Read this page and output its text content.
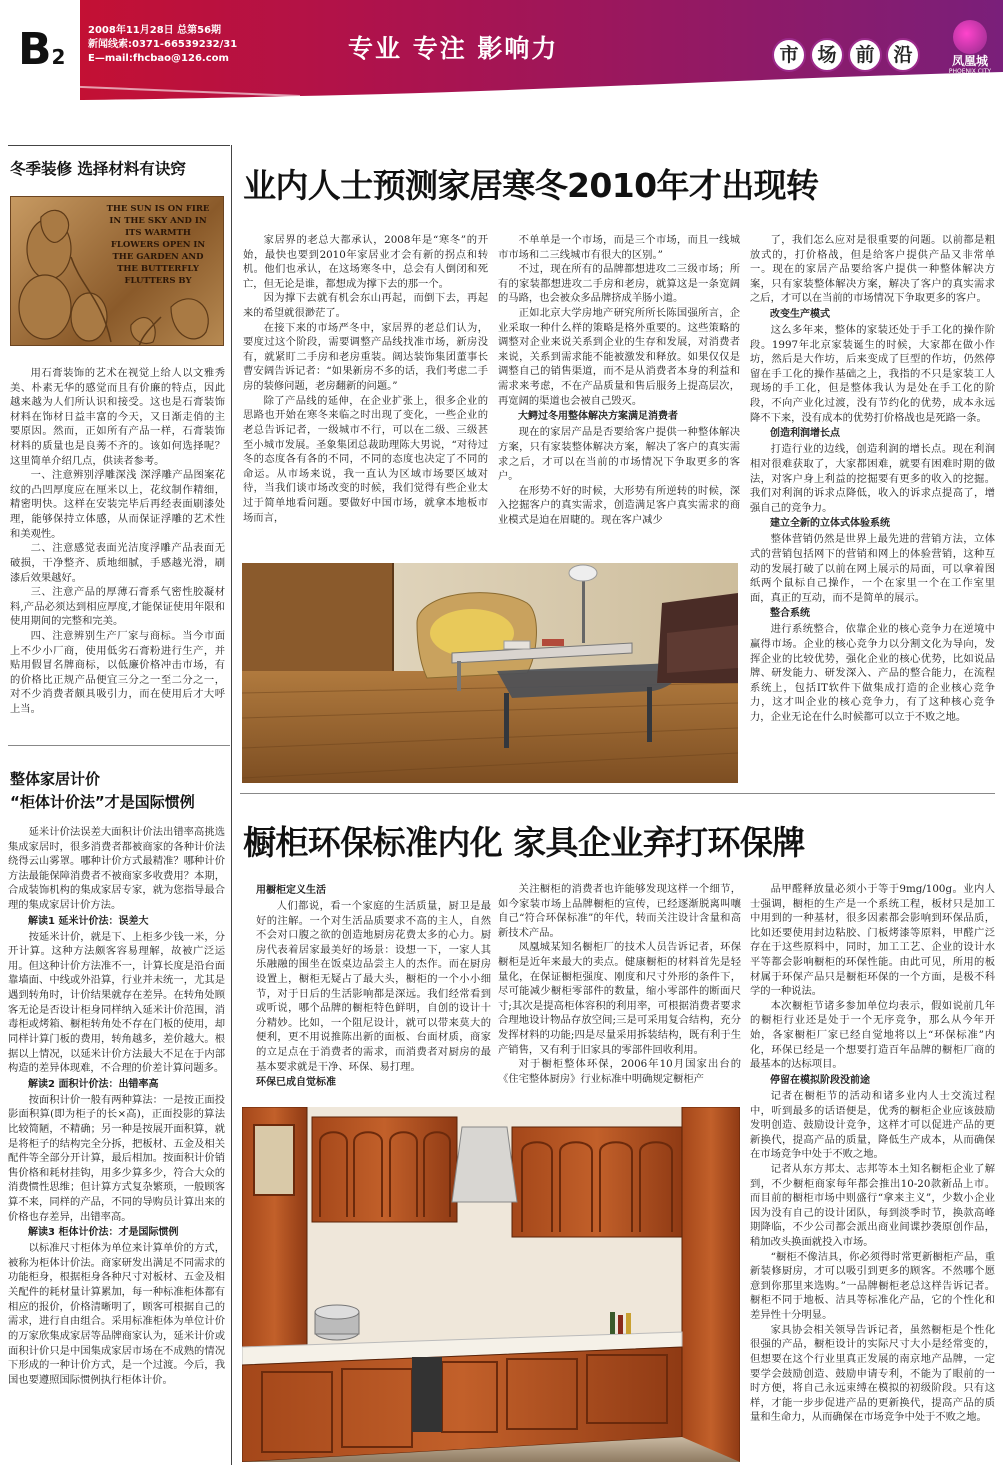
B2
2008年11月28日 总第56期
新闻线索:0371-66539232/31
E—mail:fhcbao@126.com	专业 专注 影响力	市 场 前 沿	凤凰城
PHOENIX CITY
冬季装修 选择材料有诀窍
THE SUN IS ON FIRE IN THE SKY AND IN ITS WARMTH FLOWERS OPEN IN THE GARDEN AND THE BUTTERFLY FLUTTERS BY

用石膏装饰的艺术在视觉上给人以文雅秀美、朴素无华的感觉而且有价廉的特点，因此越来越为人们所认识和接受。这也是石膏装饰材料在饰材日益丰富的今天，又日渐走俏的主要原因。然而，正如所有产品一样，石膏装饰材料的质量也是良莠不齐的。该如何选择呢？这里简单介绍几点，供读者参考。

一、注意辨别浮雕深浅 深浮雕产品图案花纹的凸凹厚度应在厘米以上，花纹制作精细，精密明快。这样在安装完毕后再经表面刷漆处理，能够保持立体感，从而保证浮雕的艺术性和美观性。

二、注意感觉表面光洁度浮雕产品表面无破损，干净整齐、质地细腻，手感越光滑，刷漆后效果越好。

三、注意产品的厚薄石膏系气密性胶凝材料,产品必须达到相应厚度,才能保证使用年限和使用期间的完整和完美。

四、注意辨别生产厂家与商标。当今市面上不少小厂商，使用低劣石膏粉进行生产，并贴用假冒名牌商标，以低廉价格冲击市场，有的价格比正规产品便宜三分之一至二分之一，对不少消费者颇具吸引力，而在使用后才大呼上当。

整体家居计价
“柜体计价法”才是国际惯例

延米计价法误差大面积计价法出错率高挑选集成家居时，很多消费者都被商家的各种计价法绕得云山雾罩。哪种计价方式最精准？哪种计价方法最能保障消费者不被商家多收费用？本期，合成装饰机构的集成家居专家，就为您指导最合理的集成家居计价方法。

解读1 延米计价法：误差大

按延米计价，就是下、上柜多少钱一米，分开计算。这种方法颇客容易理解，故被广泛运用。但这种计价方法准不一，计算长度是沿台面靠墙面、中线或外沿算，行业并未统一，尤其是遇到转角时，计价结果就存在差异。在转角处顾客无论是否设计柜身同样纳入延米计价范围，消毒柜或烤箱、橱柜转角处不存在门板的使用，却同样计算门板的费用，转角越多，差价越大。根据以上情况，以延米计价方法最大不足在于内部构造的差异体现难，不合理的价差计算问题多。

解读2 面积计价法：出错率高

按面积计价一般有两种算法：一是按正面投影面积算(即为柜子的长×高)，正面投影的算法比较简陋，不精确；另一种是按展开面积算，就是将柜子的结构完全分拆，把板材、五金及相关配件等全部分开计算，最后相加。按面积计价销售价格和耗材挂钩，用多少算多少，符合大众的消费惯性思维；但计算方式复杂繁琐，一般顾客算不来，同样的产品，不同的导购员计算出来的价格也存差异，出错率高。

解读3 柜体计价法：才是国际惯例

以标准尺寸柜体为单位来计算单价的方式，被称为柜体计价法。商家研发出满足不同需求的功能柜身，根据柜身各种尺寸对板材、五金及相关配件的耗材量计算累加，每一种标准柜体都有相应的报价，价格清晰明了，顾客可根据自己的需求，进行自由组合。采用标准柜体为单位计价的万家欣集成家居等品牌商家认为，延米计价或面积计价只是中国集成家居市场在不成熟的情况下形成的一种计价方式，是一个过渡。今后，我国也要遵照国际惯例执行柜体计价。

业内人士预测家居寒冬2010年才出现转

家居界的老总大都承认，2008年是“寒冬”的开始，最快也要到2010年家居业才会有新的拐点和转机。他们也承认，在这场寒冬中，总会有人倒闭和死亡，但无论是谁，都想成为撑下去的那一个。

因为撑下去就有机会东山再起，而倒下去，再起来的希望就很渺茫了。

在接下来的市场严冬中，家居界的老总们认为，要度过这个阶段，需要调整产品线找准市场，新房没有，就紧盯二手房和老房重装。阔达装饰集团董事长曹安阔告诉记者：“如果新房不多的话，我们考虑二手房的装修问题，老房翻新的问题。”

除了产品线的延伸，在企业扩张上，很多企业的思路也开始在寒冬来临之时出现了变化，一些企业的老总告诉记者，一级城市不行，可以在二级、三级甚至小城市发展。圣象集团总裁助理陈大男说，“对待过冬的态度各有各的不同，不同的态度也决定了不同的命运。从市场来说，我一直认为区域市场要区域对待，当我们谈市场改变的时候，我们觉得有些企业太过于简单地看问题。要做好中国市场，就拿本地板市场而言，

不单单是一个市场，而是三个市场，而且一线城市市场和二三线城市有很大的区别。”

不过，现在所有的品牌都想进攻二三级市场；所有的家装都想进攻二手房和老房，就算这是一条宽阔的马路，也会被众多品牌挤成羊肠小道。

正如北京大学房地产研究所所长陈国强所言，企业采取一种什么样的策略是格外重要的。这些策略的调整对企业来说关系到企业的生存和发展，对消费者来说，关系到需求能不能被激发和释放。如果仅仅是调整自己的销售渠道，而不是从消费者本身的利益和需求来考虑，不在产品质量和售后服务上提高层次，再宽阔的渠道也会被自己毁灭。

大鳄过冬用整体解决方案满足消费者

现在的家居产品是否要给客户提供一种整体解决方案，只有家装整体解决方案，解决了客户的真实需求之后，才可以在当前的市场情况下争取更多的客户。

在形势不好的时候，大形势有所逆转的时候，深入挖掘客户的真实需求，创造满足客户真实需求的商业模式是迫在眉睫的。现在客户减少

了，我们怎么应对是很重要的问题。以前都是粗放式的，打价格战，但是给客户提供产品又非常单一。现在的家居产品要给客户提供一种整体解决方案，只有家装整体解决方案，解决了客户的真实需求之后，才可以在当前的市场情况下争取更多的客户。

改变生产模式

这么多年来，整体的家装还处于手工化的操作阶段。1997年北京家装诞生的时候，大家都在做小作坊，然后是大作坊，后来变成了巨型的作坊，仍然停留在手工化的操作基础之上，我指的不只是家装工人现场的手工化，但是整体我认为是处在手工化的阶段，不向产业化过渡，没有节约化的优势，成本永远降不下来，没有成本的优势打价格战也是死路一条。

创造利润增长点

打造行业的边线，创造利润的增长点。现在利润相对很难获取了，大家都困难，就要有困难时期的做法，对客户身上利益的挖掘要有更多的收入的挖掘。我们对利润的诉求点降低，收入的诉求点提高了，增强自己的竞争力。

建立全新的立体式体验系统

整体营销仍然是世界上最先进的营销方法，立体式的营销包括网下的营销和网上的体验营销，这种互动的发展打破了以前在网上展示的局面，可以拿着图纸两个鼠标自己操作，一个在家里一个在工作室里面，真正的互动，而不是简单的展示。

整合系统

进行系统整合，依靠企业的核心竞争力在逆境中赢得市场。企业的核心竞争力以分割文化为导向，发挥企业的比较优势，强化企业的核心优势，比如说品牌、研发能力、研发深入、产品的整合能力，在流程系统上，包括IT软件下做集成打造的企业核心竞争力，这才叫企业的核心竞争力，有了这种核心竞争力，企业无论在什么时候都可以立于不败之地。

橱柜环保标准内化 家具企业弃打环保牌
用橱柜定义生活

人们都说，看一个家庭的生活质量，厨卫是最好的注解。一个对生活品质要求不高的主人，自然不会对口腹之欲的创造地厨房花费太多的心力。厨房代表着居家最美好的场景：设想一下，一家人其乐融融的围坐在饭桌边品尝主人的杰作。而在厨房设置上，橱柜无疑占了最大头，橱柜的一个小小细节，对于日后的生活影响都是深远。我们经常看到或听说，哪个品牌的橱柜特色鲜明，自创的设计十分精妙。比如，一个阻尼设计，就可以带来莫大的便利，更不用说推陈出新的面板、台面材质，商家的立足点在于消费者的需求，而消费者对厨房的最基本要求就是干净、环保、易打理。

环保已成自觉标准

关注橱柜的消费者也许能够发现这样一个细节，如今家装市场上品牌橱柜的宣传，已经逐渐脱离叫嚷自己“符合环保标准”的年代，转而关注设计含量和高新技术产品。

凤凰城某知名橱柜厂的技术人员告诉记者，环保橱柜是近年来最大的卖点。健康橱柜的材料首先是轻量化，在保证橱柜强度、刚度和尺寸外形的条件下，尽可能减少橱柜零部件的数量，缩小零部件的断面尺寸;其次是提高柜体容积的利用率，可根据消费者要求合理地设计物品存放空间;三是可采用复合结构，充分发挥材料的功能;四是尽量采用拆装结构，既有利于生产销售，又有利于旧家具的零部件回收利用。

对于橱柜整体环保，2006年10月国家出台的《住宅整体厨房》行业标准中明确规定橱柜产

品甲醛释放量必须小于等于9mg/100g。业内人士强调，橱柜的生产是一个系统工程，板材只是加工中用到的一种基材，很多因素都会影响到环保品质，比如还要使用封边粘胶、门板烤漆等原料，甲醛广泛存在于这些原料中，同时，加工工艺、企业的设计水平等都会影响橱柜的环保性能。由此可见，所用的板材属于环保产品只是橱柜环保的一个方面，是极不科学的一种说法。

本次橱柜节诸多参加单位均表示，假如说前几年的橱柜行业还是处于一个无序竞争，那么从今年开始，各家橱柜厂家已经自觉地将以上“环保标准”内化，环保已经是一个想要打造百年品牌的橱柜厂商的最基本的达标项目。

停留在模拟阶段没前途

记者在橱柜节的活动和诸多业内人士交流过程中，听到最多的话语便是，优秀的橱柜企业应该鼓励发明创造、鼓励设计竞争，这样才可以促进产品的更新换代，提高产品的质量，降低生产成本，从而确保在市场竞争中处于不败之地。

记者从东方邦太、志邦等本土知名橱柜企业了解到，不少橱柜商家每年都会推出10-20款新品上市。而目前的橱柜市场中则盛行“拿来主义”，少数小企业因为没有自己的设计团队，每到淡季时节，换款高峰期降临，不少公司都会派出商业间谍抄袭原创作品，稍加改头换面就投入市场。

“橱柜不像洁具，你必须得时常更新橱柜产品，重新装修厨房，才可以吸引到更多的顾客。不然哪个愿意到你那里来选购。”一品牌橱柜老总这样告诉记者。橱柜不同于地板、洁具等标准化产品，它的个性化和差异性十分明显。

家具协会相关领导告诉记者，虽然橱柜是个性化很强的产品，橱柜设计的实际尺寸大小是经常变的，但想要在这个行业里真正发展的南京地产品牌，一定要学会鼓励创造、鼓励申请专利，不能为了眼前的一时方便，将自己永远束缚在模拟的初级阶段。只有这样，才能一步步促进产品的更新换代，提高产品的质量和生命力，从而确保在市场竞争中处于不败之地。
